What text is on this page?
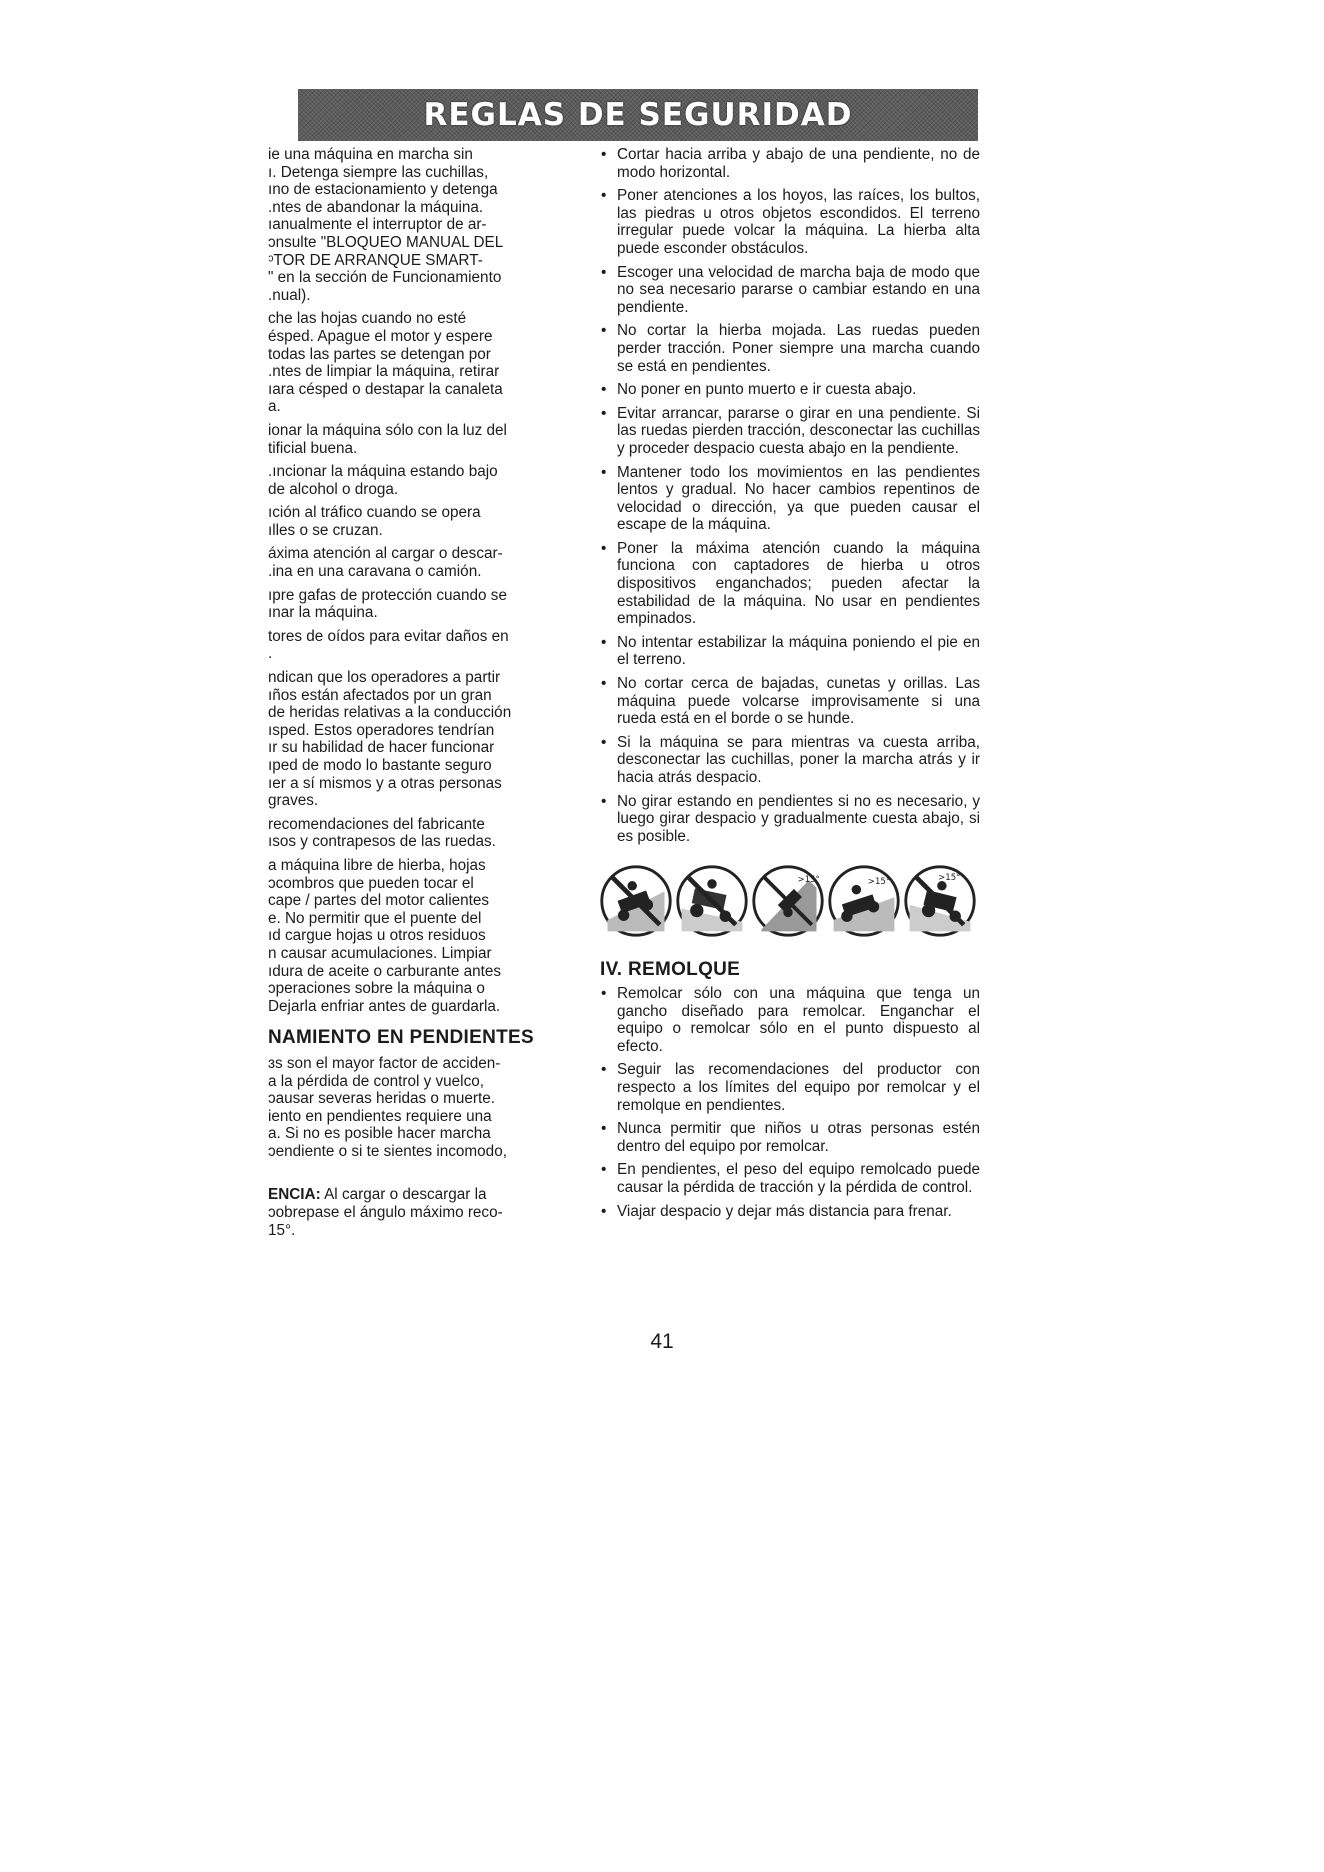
REGLAS DE SEGURIDAD

ie una máquina en marcha sin
ı. Detenga siempre las cuchillas,
ıno de estacionamiento y detenga
.ntes de abandonar la máquina.
ıanualmente el interruptor de ar-
ɔnsulte "BLOQUEO MANUAL DEL
ᵓTOR DE ARRANQUE SMART-
" en la sección de Funcionamiento
.nual).

che las hojas cuando no esté
ésped. Apague el motor y espere
todas las partes se detengan por
.ntes de limpiar la máquina, retirar
ıara césped o destapar la canaleta
a.

ionar la máquina sólo con la luz del
tificial buena.

.ıncionar la máquina estando bajo
de alcohol o droga.

ıción al tráfico cuando se opera
ılles o se cruzan.

áxima atención al cargar o descar-
.ina en una caravana o camión.

ıpre gafas de protección cuando se
ınar la máquina.

tores de oídos para evitar daños en
.

ndican que los operadores a partir
ıños están afectados por un gran
de heridas relativas a la conducción
ısped. Estos operadores tendrían
ır su habilidad de hacer funcionar
ıped de modo lo bastante seguro
ıer a sí mismos y a otras personas
graves.

recomendaciones del fabricante
ısos y contrapesos de las ruedas.

a máquina libre de hierba, hojas
ɔcombros que pueden tocar el
cape / partes del motor calientes
e. No permitir que el puente del
ıd cargue hojas u otros residuos
n causar acumulaciones. Limpiar
ıdura de aceite o carburante antes
ɔperaciones sobre la máquina o
Dejarla enfriar antes de guardarla.

NAMIENTO EN PENDIENTES

ɜs son el mayor factor de acciden-
a la pérdida de control y vuelco,
ɔausar severas heridas o muerte.
iento en pendientes requiere una
a. Si no es posible hacer marcha
ɔendiente o si te sientes incomodo,

ENCIA: Al cargar o descargar la
ɔobrepase el ángulo máximo reco-
15°.

• Cortar hacia arriba y abajo de una pendiente, no de modo horizontal.
• Poner atenciones a los hoyos, las raíces, los bultos, las piedras u otros objetos escondidos. El terreno irregular puede volcar la máquina. La hierba alta puede esconder obstáculos.
• Escoger una velocidad de marcha baja de modo que no sea necesario pararse o cambiar estando en una pendiente.
• No cortar la hierba mojada. Las ruedas pueden perder tracción. Poner siempre una marcha cuando se está en pendientes.
• No poner en punto muerto e ir cuesta abajo.
• Evitar arrancar, pararse o girar en una pendiente. Si las ruedas pierden tracción, desconectar las cuchillas y proceder despacio cuesta abajo en la pendiente.
• Mantener todo los movimientos en las pendientes lentos y gradual. No hacer cambios repentinos de velocidad o dirección, ya que pueden causar el escape de la máquina.
• Poner la máxima atención cuando la máquina funciona con captadores de hierba u otros dispositivos enganchados; pueden afectar la estabilidad de la máquina. No usar en pendientes empinados.
• No intentar estabilizar la máquina poniendo el pie en el terreno.
• No cortar cerca de bajadas, cunetas y orillas. Las máquina puede volcarse improvisamente si una rueda está en el borde o se hunde.
• Si la máquina se para mientras va cuesta arriba, desconectar las cuchillas, poner la marcha atrás y ir hacia atrás despacio.
• No girar estando en pendientes si no es necesario, y luego girar despacio y gradualmente cuesta abajo, si es posible.
>15°	>15°	>15°
IV. REMOLQUE
• Remolcar sólo con una máquina que tenga un gancho diseñado para remolcar. Enganchar el equipo o remolcar sólo en el punto dispuesto al efecto.
• Seguir las recomendaciones del productor con respecto a los límites del equipo por remolcar y el remolque en pendientes.
• Nunca permitir que niños u otras personas estén dentro del equipo por remolcar.
• En pendientes, el peso del equipo remolcado puede causar la pérdida de tracción y la pérdida de control.
• Viajar despacio y dejar más distancia para frenar.
41
